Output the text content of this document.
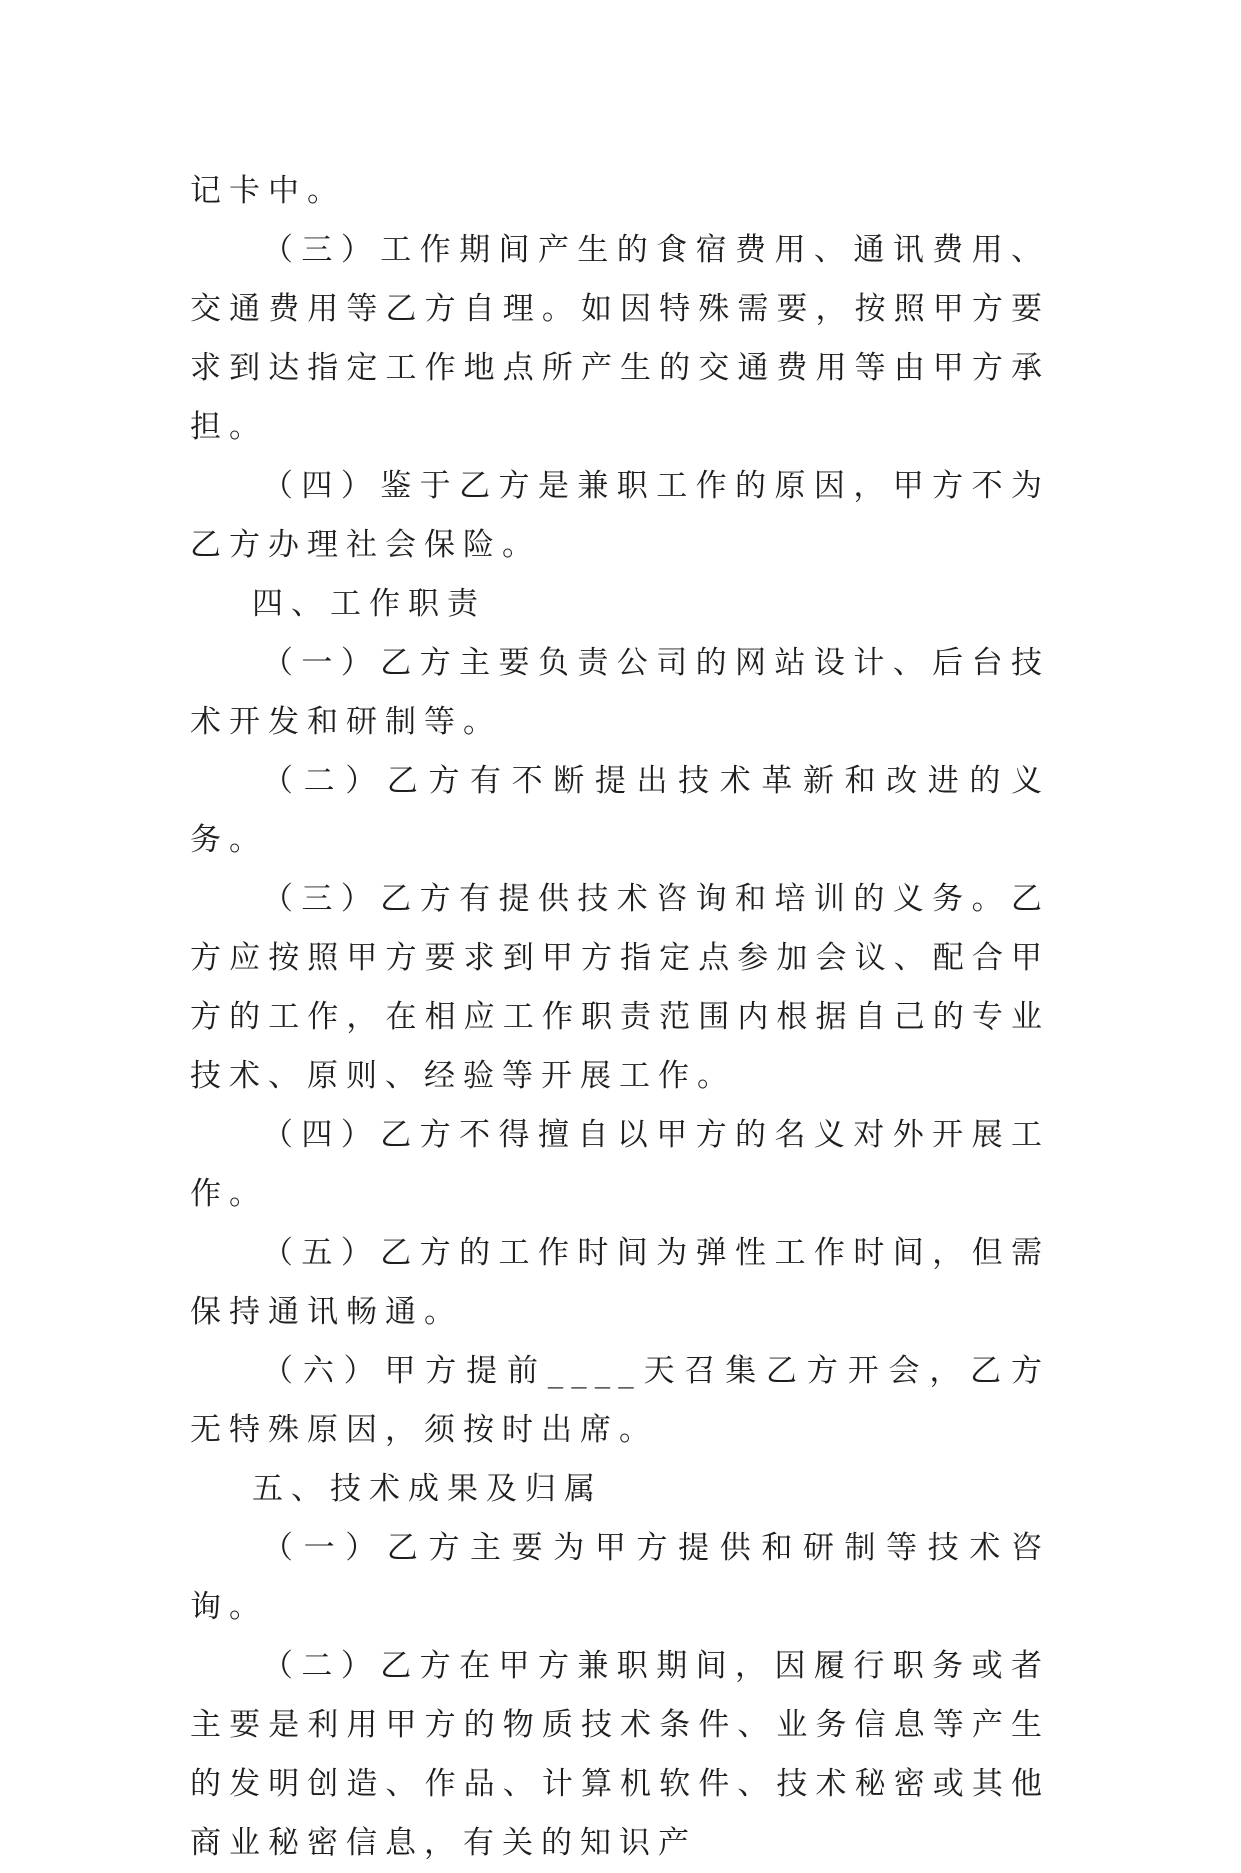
记卡中。

（三）工作期间产生的食宿费用、通讯费用、交通费用等乙方自理。如因特殊需要，按照甲方要求到达指定工作地点所产生的交通费用等由甲方承担。

（四）鉴于乙方是兼职工作的原因，甲方不为乙方办理社会保险。

四、工作职责

（一）乙方主要负责公司的网站设计、后台技术开发和研制等。

（二）乙方有不断提出技术革新和改进的义务。

（三）乙方有提供技术咨询和培训的义务。乙方应按照甲方要求到甲方指定点参加会议、配合甲方的工作，在相应工作职责范围内根据自己的专业技术、原则、经验等开展工作。

（四）乙方不得擅自以甲方的名义对外开展工作。

（五）乙方的工作时间为弹性工作时间，但需保持通讯畅通。

（六）甲方提前____天召集乙方开会，乙方无特殊原因，须按时出席。

五、技术成果及归属

（一）乙方主要为甲方提供和研制等技术咨询。

（二）乙方在甲方兼职期间，因履行职务或者主要是利用甲方的物质技术条件、业务信息等产生的发明创造、作品、计算机软件、技术秘密或其他商业秘密信息，有关的知识产
